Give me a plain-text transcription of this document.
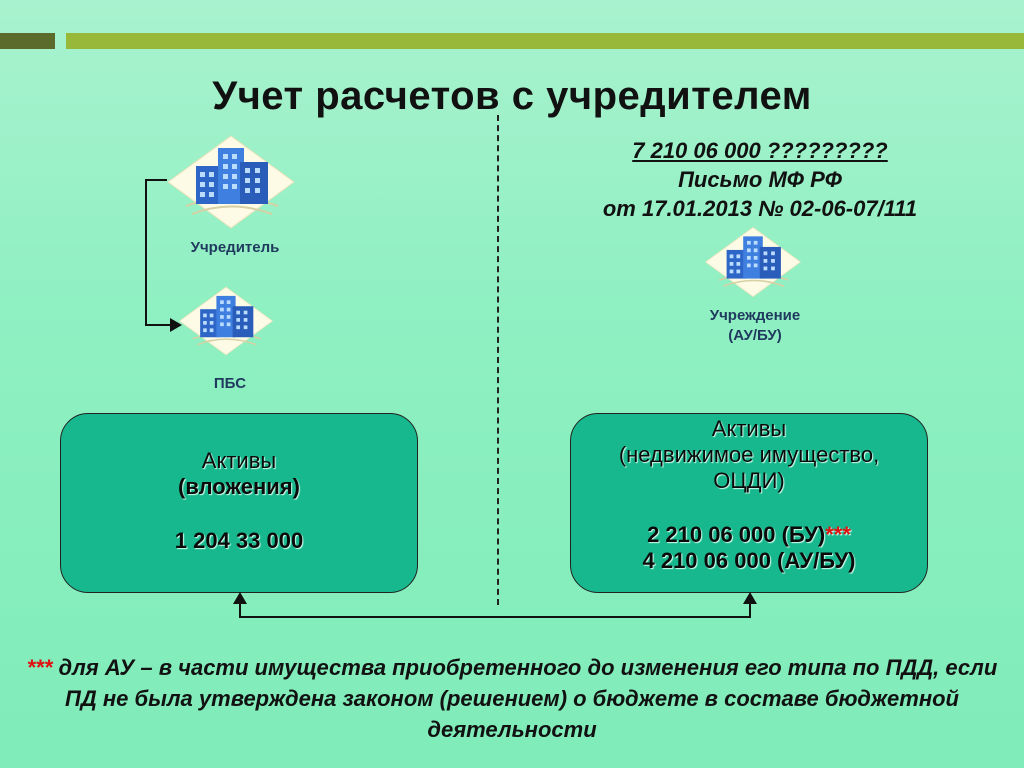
Учет расчетов с учредителем
7 210 06 000 ?????????
Письмо МФ РФ
от 17.01.2013 № 02-06-07/111
Учредитель
ПБС
Учреждение
(АУ/БУ)
Активы
(вложения)
1 204 33 000
Активы
(недвижимое имущество,
ОЦДИ)
2 210 06 000 (БУ)***
4 210 06 000 (АУ/БУ)
*** для АУ – в части имущества приобретенного до изменения его типа по ПДД, если ПД не была утверждена законом (решением) о бюджете в составе бюджетной деятельности
